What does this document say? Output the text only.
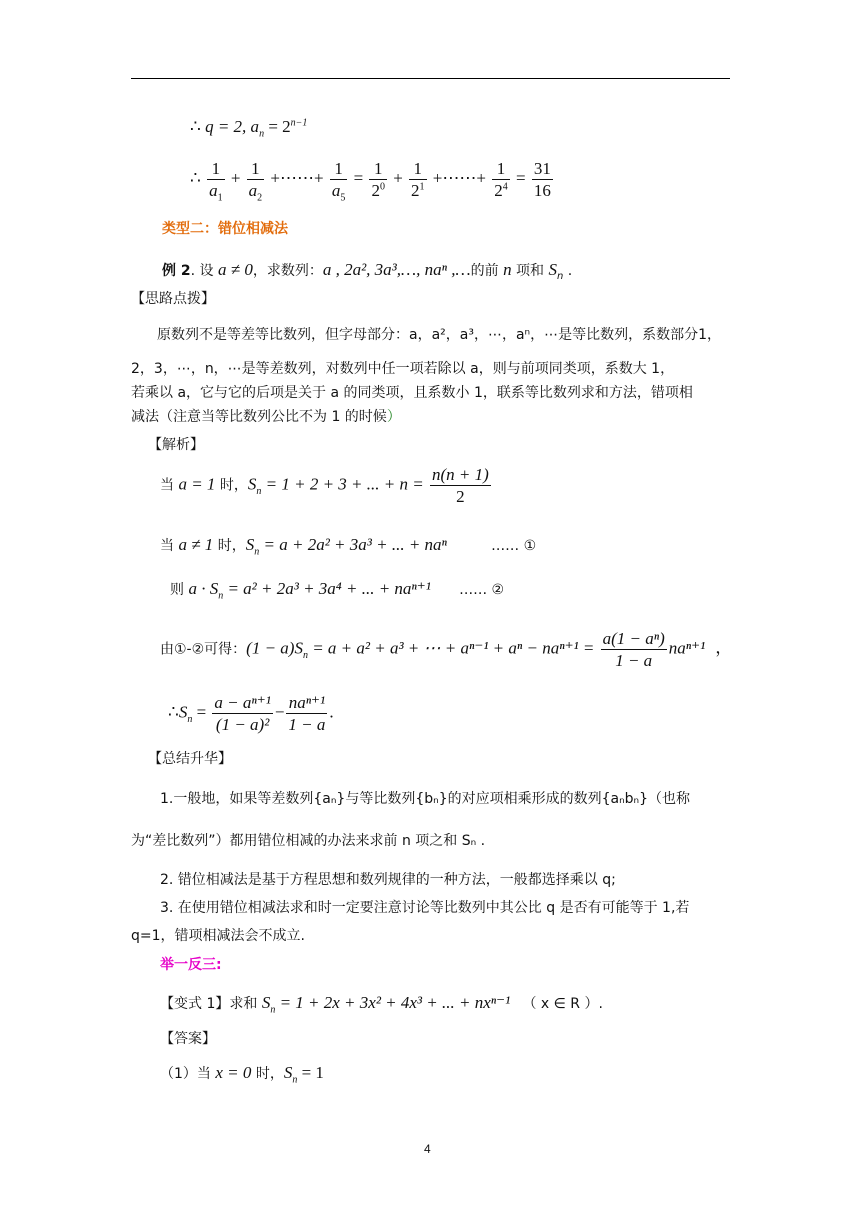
∴ q = 2, $a_n = 2^{n-1}$
∴ $\frac{1}{a_1} + \frac{1}{a_2}$ +⋯⋯+ $\frac{1}{a_5} = \frac{1}{2^0} + \frac{1}{2^1}$ +⋯⋯+ $\frac{1}{2^4} = \frac{31}{16}$
类型二：错位相减法
例 2. 设 a ≠ 0，求数列：a , 2a², 3a³,…, naⁿ ,…的前 n 项和 $S_n$ .
【思路点拨】
原数列不是等差等比数列，但字母部分：a，a²，a³，⋯，aⁿ，⋯是等比数列，系数部分1，
2，3，⋯，n，⋯是等差数列，对数列中任一项若除以 a，则与前项同类项，系数大 1，
若乘以 a，它与它的后项是关于 a 的同类项，且系数小 1，联系等比数列求和方法，错项相
减法（注意当等比数列公比不为 1 的时候）
【解析】
当 a = 1 时，$S_n = 1 + 2 + 3$ + ... + $n = \frac{n(n + 1)}{2}$
当 a ≠ 1 时，$S_n = a + 2a^2 + 3a^3$ + ... + naⁿ	…… ①
则 $a \cdot S_n = a^2 + 2a^3 + 3a^4$ + ... + naⁿ⁺¹ …… ②
由①-②可得：$(1 - a)S_n = a + a^2 + a^3$ + ⋯ + $a^{n-1} + a^n - na^{n+1} = \frac{\text{a(1 − aⁿ)}}{1 - a} na^{n+1}$ ，
$\therefore S_n = \frac{\text{a − aⁿ⁺¹}}{\text{(1 − a)²}} - \frac{\text{naⁿ⁺¹}}{1 - a}$ .
【总结升华】
1.一般地，如果等差数列{aₙ}与等比数列{bₙ}的对应项相乘形成的数列{aₙbₙ}（也称
为“差比数列”）都用错位相减的办法来求前 n 项之和 Sₙ .
2. 错位相减法是基于方程思想和数列规律的一种方法，一般都选择乘以 q;
3. 在使用错位相减法求和时一定要注意讨论等比数列中其公比 q 是否有可能等于 1,若
q=1，错项相减法会不成立.
举一反三:
【变式 1】求和 $S_n = 1 + 2x + 3x^2 + 4x^3$ + ... + nxⁿ⁻¹ （ x ∈ R ）.
【答案】
（1）当 x = 0 时，$S_n = 1$
4
